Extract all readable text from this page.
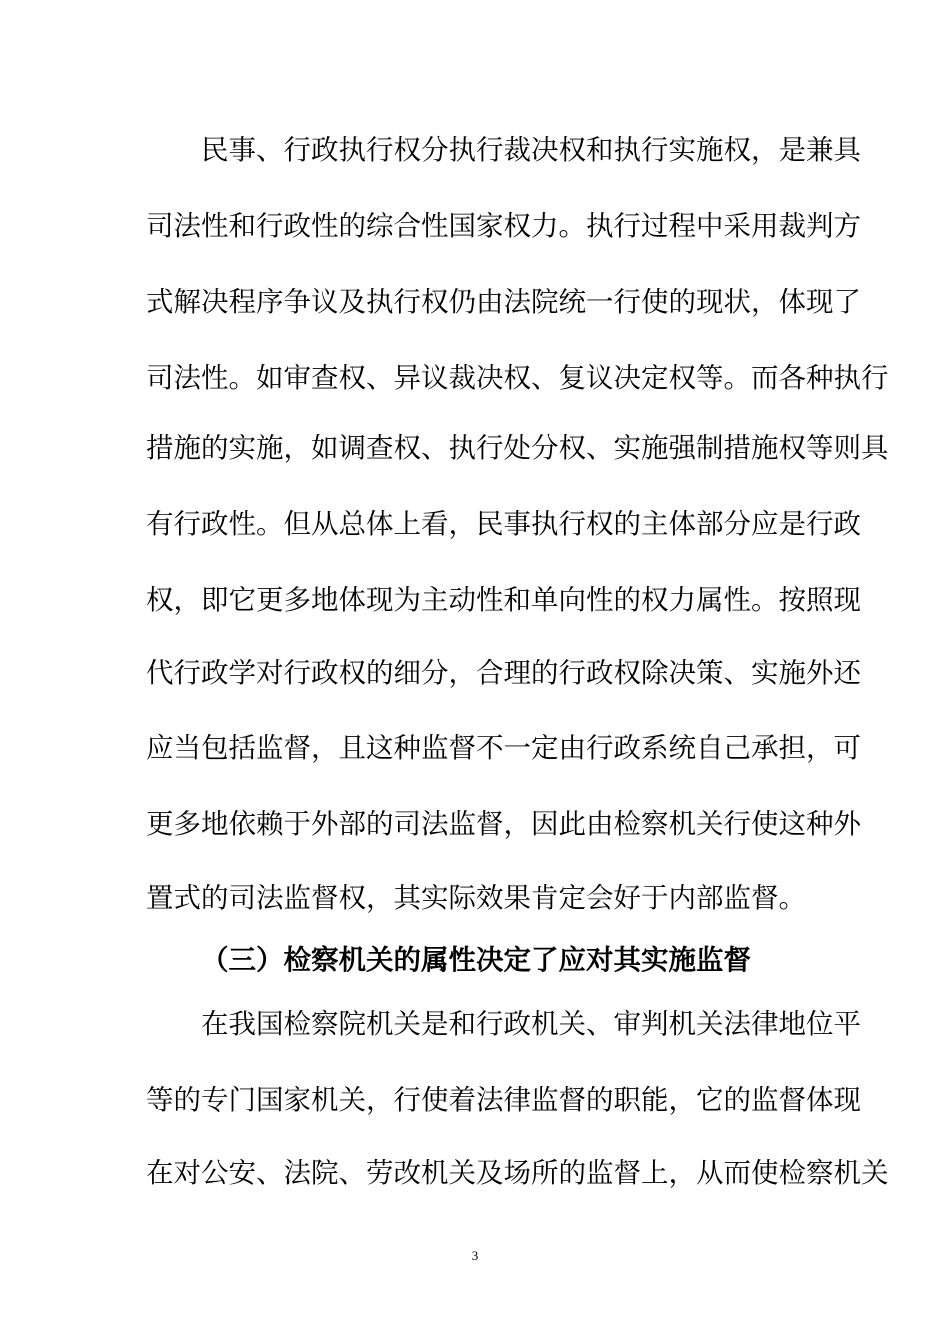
民事、行政执行权分执行裁决权和执行实施权，是兼具
司法性和行政性的综合性国家权力。执行过程中采用裁判方
式解决程序争议及执行权仍由法院统一行使的现状，体现了
司法性。如审查权、异议裁决权、复议决定权等。而各种执行
措施的实施，如调查权、执行处分权、实施强制措施权等则具
有行政性。但从总体上看，民事执行权的主体部分应是行政
权，即它更多地体现为主动性和单向性的权力属性。按照现
代行政学对行政权的细分，合理的行政权除决策、实施外还
应当包括监督，且这种监督不一定由行政系统自己承担，可
更多地依赖于外部的司法监督，因此由检察机关行使这种外
置式的司法监督权，其实际效果肯定会好于内部监督。
（三）检察机关的属性决定了应对其实施监督
在我国检察院机关是和行政机关、审判机关法律地位平
等的专门国家机关，行使着法律监督的职能，它的监督体现
在对公安、法院、劳改机关及场所的监督上，从而使检察机关
3
